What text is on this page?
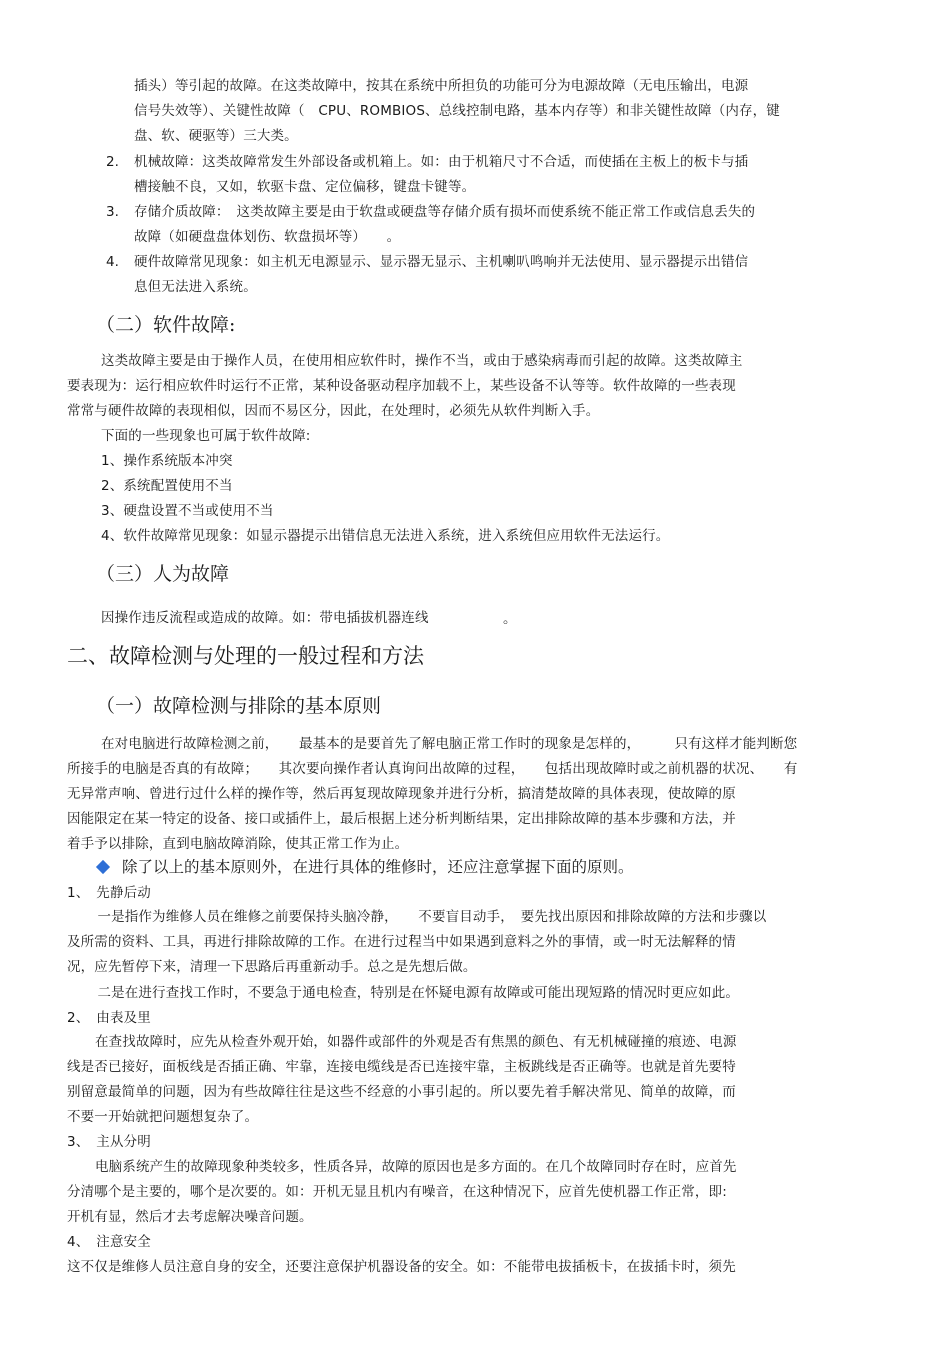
插头）等引起的故障。在这类故障中，按其在系统中所担负的功能可分为电源故障（无电压输出，电源
信号失效等）、关键性故障（　CPU、ROMBIOS、总线控制电路，基本内存等）和非关键性故障（内存，键
盘、软、硬驱等）三大类。
2. 机械故障：这类故障常发生外部设备或机箱上。如：由于机箱尺寸不合适，而使插在主板上的板卡与插
槽接触不良，又如，软驱卡盘、定位偏移，键盘卡键等。
3. 存储介质故障：　这类故障主要是由于软盘或硬盘等存储介质有损坏而使系统不能正常工作或信息丢失的
故障（如硬盘盘体划伤、软盘损坏等）　　。
4. 硬件故障常见现象：如主机无电源显示、显示器无显示、主机喇叭鸣响并无法使用、显示器提示出错信
息但无法进入系统。
（二）软件故障:
这类故障主要是由于操作人员，在使用相应软件时，操作不当，或由于感染病毒而引起的故障。这类故障主
要表现为：运行相应软件时运行不正常，某种设备驱动程序加载不上，某些设备不认等等。软件故障的一些表现
常常与硬件故障的表现相似，因而不易区分，因此，在处理时，必须先从软件判断入手。
下面的一些现象也可属于软件故障:
1、操作系统版本冲突
2、系统配置使用不当
3、硬盘设置不当或使用不当
4、软件故障常见现象：如显示器提示出错信息无法进入系统，进入系统但应用软件无法运行。
（三）人为故障
因操作违反流程或造成的故障。如：带电插拔机器连线	。
二、故障检测与处理的一般过程和方法
（一）故障检测与排除的基本原则
在对电脑进行故障检测之前，　　最基本的是要首先了解电脑正常工作时的现象是怎样的，　　　只有这样才能判断您
所接手的电脑是否真的有故障；　　其次要向操作者认真询问出故障的过程，　　包括出现故障时或之前机器的状况、　　有
无异常声响、曾进行过什么样的操作等，然后再复现故障现象并进行分析，搞清楚故障的具体表现，使故障的原
因能限定在某一特定的设备、接口或插件上，最后根据上述分析判断结果，定出排除故障的基本步骤和方法，并
着手予以排除，直到电脑故障消除，使其正常工作为止。
除了以上的基本原则外，在进行具体的维修时，还应注意掌握下面的原则。
1、　先静后动
一是指作为维修人员在维修之前要保持头脑冷静，　　不要盲目动手，　要先找出原因和排除故障的方法和步骤以
及所需的资料、工具，再进行排除故障的工作。在进行过程当中如果遇到意料之外的事情，或一时无法解释的情
况，应先暂停下来，清理一下思路后再重新动手。总之是先想后做。
二是在进行查找工作时，不要急于通电检查，特别是在怀疑电源有故障或可能出现短路的情况时更应如此。
2、　由表及里
在查找故障时，应先从检查外观开始，如器件或部件的外观是否有焦黑的颜色、有无机械碰撞的痕迹、电源
线是否已接好，面板线是否插正确、牢靠，连接电缆线是否已连接牢靠，主板跳线是否正确等。也就是首先要特
别留意最简单的问题，因为有些故障往往是这些不经意的小事引起的。所以要先着手解决常见、简单的故障，而
不要一开始就把问题想复杂了。
3、　主从分明
电脑系统产生的故障现象种类较多，性质各异，故障的原因也是多方面的。在几个故障同时存在时，应首先
分清哪个是主要的，哪个是次要的。如：开机无显且机内有噪音，在这种情况下，应首先使机器工作正常，即:
开机有显，然后才去考虑解决噪音问题。
4、　注意安全
这不仅是维修人员注意自身的安全，还要注意保护机器设备的安全。如：不能带电拔插板卡，在拔插卡时，须先
